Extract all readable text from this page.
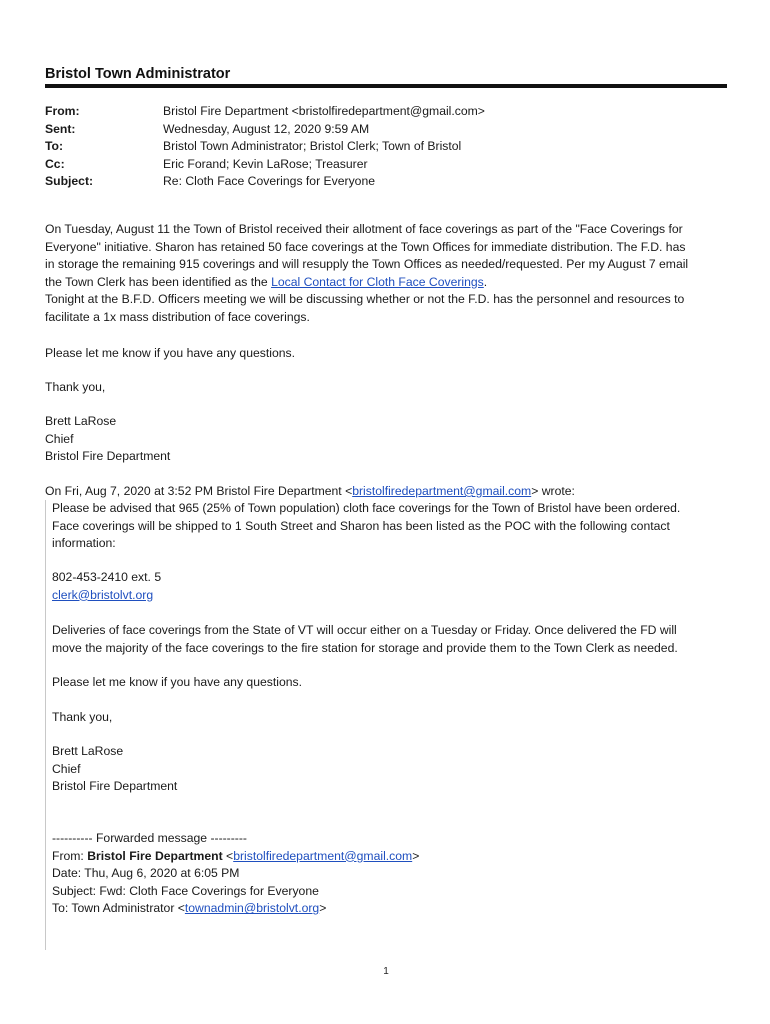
Bristol Town Administrator
From:	Bristol Fire Department <bristolfiredepartment@gmail.com>
Sent:	Wednesday, August 12, 2020 9:59 AM
To:	Bristol Town Administrator; Bristol Clerk; Town of Bristol
Cc:	Eric Forand; Kevin LaRose; Treasurer
Subject:	Re: Cloth Face Coverings for Everyone
On Tuesday, August 11 the Town of Bristol received their allotment of face coverings as part of the "Face Coverings for
Everyone" initiative. Sharon has retained 50 face coverings at the Town Offices for immediate distribution. The F.D. has
in storage the remaining 915 coverings and will resupply the Town Offices as needed/requested. Per my August 7 email
the Town Clerk has been identified as the Local Contact for Cloth Face Coverings.
Tonight at the B.F.D. Officers meeting we will be discussing whether or not the F.D. has the personnel and resources to
facilitate a 1x mass distribution of face coverings.
Please let me know if you have any questions.
Thank you,
Brett LaRose
Chief
Bristol Fire Department
On Fri, Aug 7, 2020 at 3:52 PM Bristol Fire Department <bristolfiredepartment@gmail.com> wrote:
Please be advised that 965 (25% of Town population) cloth face coverings for the Town of Bristol have been ordered.
Face coverings will be shipped to 1 South Street and Sharon has been listed as the POC with the following contact
information:
802-453-2410 ext. 5
clerk@bristolvt.org
Deliveries of face coverings from the State of VT will occur either on a Tuesday or Friday. Once delivered the FD will
move the majority of the face coverings to the fire station for storage and provide them to the Town Clerk as needed.
Please let me know if you have any questions.
Thank you,
Brett LaRose
Chief
Bristol Fire Department
---------- Forwarded message ---------
From: Bristol Fire Department <bristolfiredepartment@gmail.com>
Date: Thu, Aug 6, 2020 at 6:05 PM
Subject: Fwd: Cloth Face Coverings for Everyone
To: Town Administrator <townadmin@bristolvt.org>
1
